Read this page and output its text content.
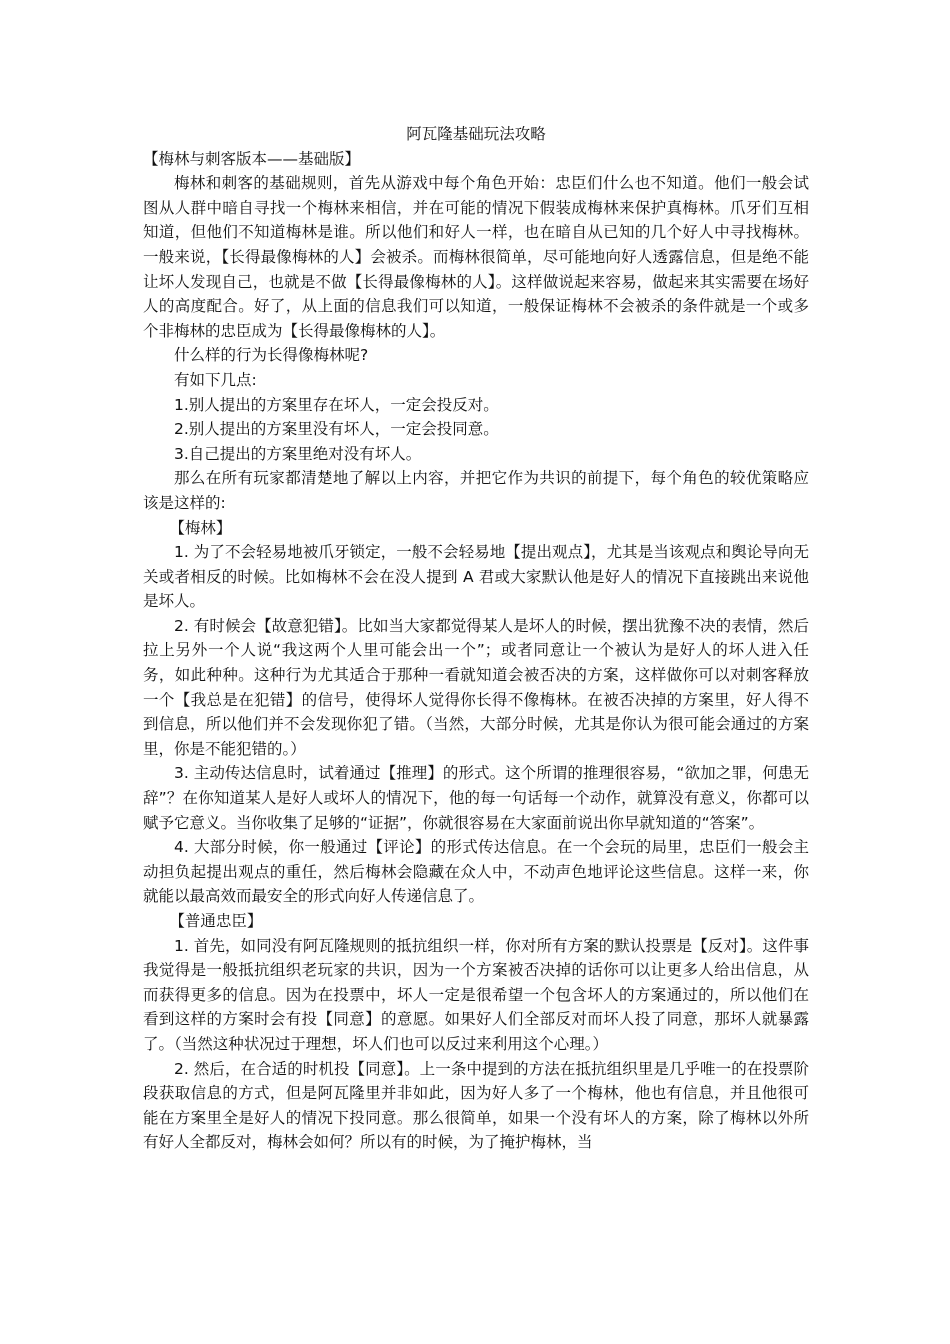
阿瓦隆基础玩法攻略

【梅林与刺客版本——基础版】

梅林和刺客的基础规则，首先从游戏中每个角色开始：忠臣们什么也不知道。他们一般会试图从人群中暗自寻找一个梅林来相信，并在可能的情况下假装成梅林来保护真梅林。爪牙们互相知道，但他们不知道梅林是谁。所以他们和好人一样，也在暗自从已知的几个好人中寻找梅林。一般来说，【长得最像梅林的人】会被杀。而梅林很简单，尽可能地向好人透露信息，但是绝不能让坏人发现自己，也就是不做【长得最像梅林的人】。这样做说起来容易，做起来其实需要在场好人的高度配合。好了，从上面的信息我们可以知道，一般保证梅林不会被杀的条件就是一个或多个非梅林的忠臣成为【长得最像梅林的人】。

什么样的行为长得像梅林呢?

有如下几点:

1.别人提出的方案里存在坏人，一定会投反对。

2.别人提出的方案里没有坏人，一定会投同意。

3.自己提出的方案里绝对没有坏人。

那么在所有玩家都清楚地了解以上内容，并把它作为共识的前提下，每个角色的较优策略应该是这样的:

【梅林】

1. 为了不会轻易地被爪牙锁定，一般不会轻易地【提出观点】，尤其是当该观点和舆论导向无关或者相反的时候。比如梅林不会在没人提到 A 君或大家默认他是好人的情况下直接跳出来说他是坏人。

2. 有时候会【故意犯错】。比如当大家都觉得某人是坏人的时候，摆出犹豫不决的表情，然后拉上另外一个人说“我这两个人里可能会出一个”；或者同意让一个被认为是好人的坏人进入任务，如此种种。这种行为尤其适合于那种一看就知道会被否决的方案，这样做你可以对刺客释放一个【我总是在犯错】的信号，使得坏人觉得你长得不像梅林。在被否决掉的方案里，好人得不到信息，所以他们并不会发现你犯了错。（当然，大部分时候，尤其是你认为很可能会通过的方案里，你是不能犯错的。）

3. 主动传达信息时，试着通过【推理】的形式。这个所谓的推理很容易，“欲加之罪，何患无辞”？在你知道某人是好人或坏人的情况下，他的每一句话每一个动作，就算没有意义，你都可以赋予它意义。当你收集了足够的“证据”，你就很容易在大家面前说出你早就知道的“答案”。

4. 大部分时候，你一般通过【评论】的形式传达信息。在一个会玩的局里，忠臣们一般会主动担负起提出观点的重任，然后梅林会隐藏在众人中，不动声色地评论这些信息。这样一来，你就能以最高效而最安全的形式向好人传递信息了。

【普通忠臣】

1. 首先，如同没有阿瓦隆规则的抵抗组织一样，你对所有方案的默认投票是【反对】。这件事我觉得是一般抵抗组织老玩家的共识，因为一个方案被否决掉的话你可以让更多人给出信息，从而获得更多的信息。因为在投票中，坏人一定是很希望一个包含坏人的方案通过的，所以他们在看到这样的方案时会有投【同意】的意愿。如果好人们全部反对而坏人投了同意，那坏人就暴露了。（当然这种状况过于理想，坏人们也可以反过来利用这个心理。）

2. 然后，在合适的时机投【同意】。上一条中提到的方法在抵抗组织里是几乎唯一的在投票阶段获取信息的方式，但是阿瓦隆里并非如此，因为好人多了一个梅林，他也有信息，并且他很可能在方案里全是好人的情况下投同意。那么很简单，如果一个没有坏人的方案，除了梅林以外所有好人全都反对，梅林会如何？所以有的时候，为了掩护梅林，当
